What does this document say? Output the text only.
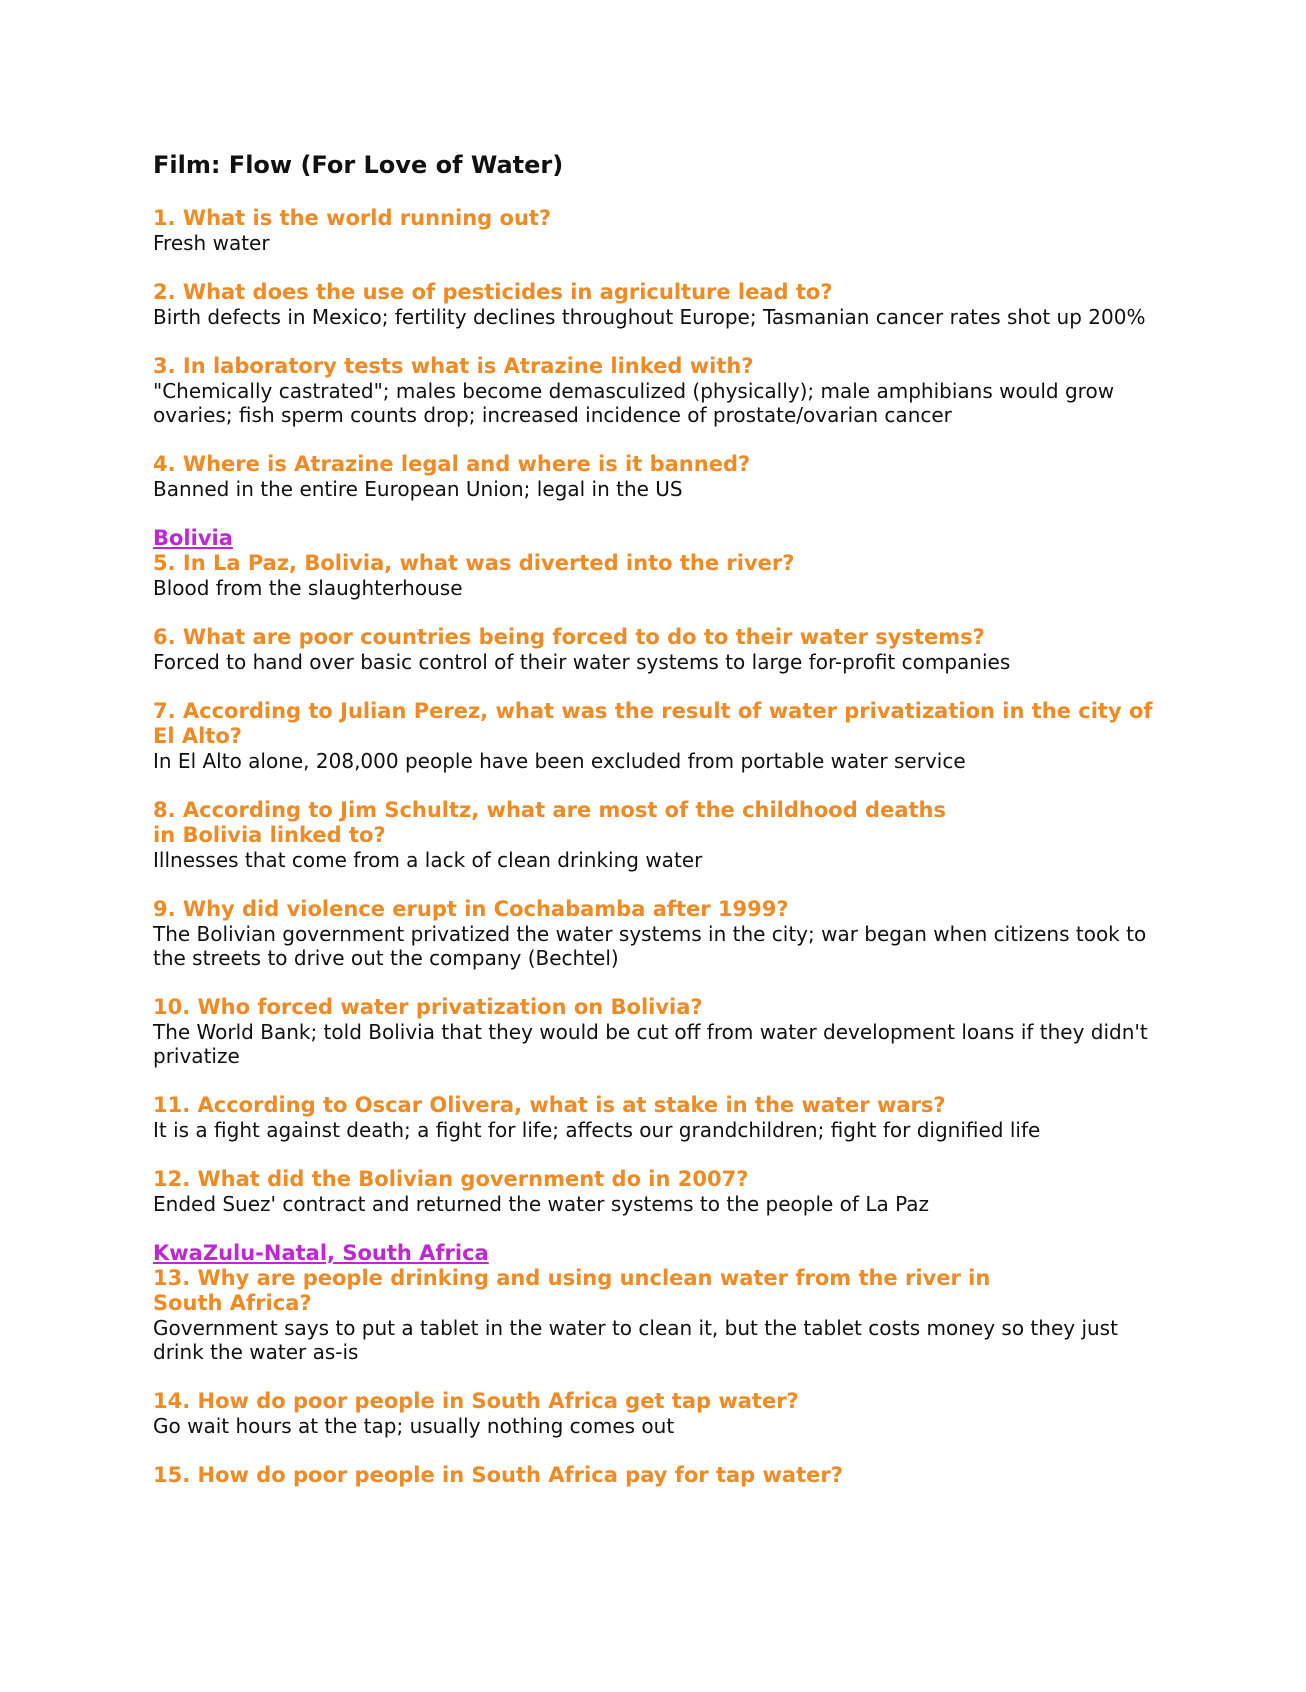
Film: Flow (For Love of Water)

1. What is the world running out?

Fresh water

2. What does the use of pesticides in agriculture lead to?

Birth defects in Mexico; fertility declines throughout Europe; Tasmanian cancer rates shot up 200%

3. In laboratory tests what is Atrazine linked with?

"Chemically castrated"; males become demasculized (physically); male amphibians would grow ovaries; fish sperm counts drop; increased incidence of prostate/ovarian cancer

4. Where is Atrazine legal and where is it banned?

Banned in the entire European Union; legal in the US

Bolivia

5. In La Paz, Bolivia, what was diverted into the river?

Blood from the slaughterhouse

6. What are poor countries being forced to do to their water systems?

Forced to hand over basic control of their water systems to large for-profit companies

7. According to Julian Perez, what was the result of water privatization in the city of El Alto?

In El Alto alone, 208,000 people have been excluded from portable water service

8. According to Jim Schultz, what are most of the childhood deaths in Bolivia linked to?

Illnesses that come from a lack of clean drinking water

9. Why did violence erupt in Cochabamba after 1999?

The Bolivian government privatized the water systems in the city; war began when citizens took to the streets to drive out the company (Bechtel)

10. Who forced water privatization on Bolivia?

The World Bank; told Bolivia that they would be cut off from water development loans if they didn't privatize

11. According to Oscar Olivera, what is at stake in the water wars?

It is a fight against death; a fight for life; affects our grandchildren; fight for dignified life

12. What did the Bolivian government do in 2007?

Ended Suez' contract and returned the water systems to the people of La Paz

KwaZulu-Natal, South Africa

13. Why are people drinking and using unclean water from the river in South Africa?

Government says to put a tablet in the water to clean it, but the tablet costs money so they just drink the water as-is

14. How do poor people in South Africa get tap water?

Go wait hours at the tap; usually nothing comes out

15. How do poor people in South Africa pay for tap water?
